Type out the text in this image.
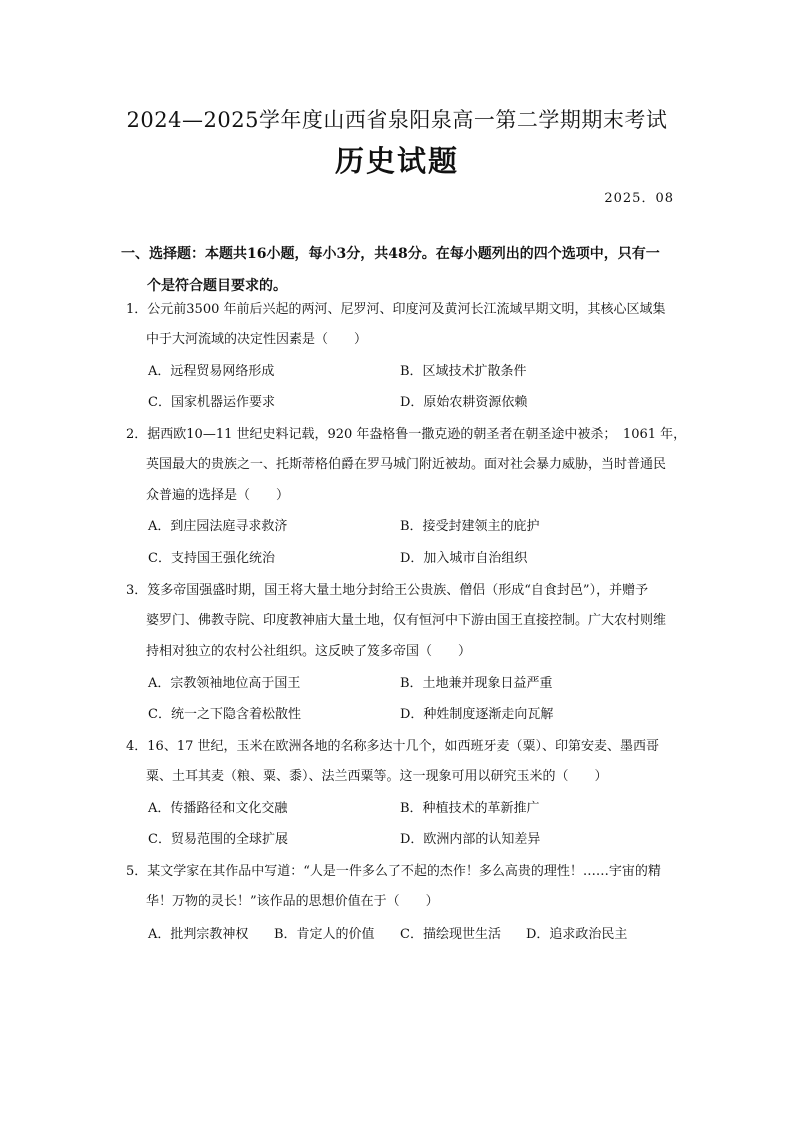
2024—2025学年度山西省泉阳泉高一第二学期期末考试
历史试题
2025．08
一、选择题：本题共16小题，每小3分，共48分。在每小题列出的四个选项中，只有一
个是符合题目要求的。
1．公元前3500 年前后兴起的两河、尼罗河、印度河及黄河长江流域早期文明，其核心区域集
中于大河流域的决定性因素是（　　）
A．远程贸易网络形成	B．区域技术扩散条件
C．国家机器运作要求	D．原始农耕资源依赖
2．据西欧10—11 世纪史料记载，920 年盎格鲁一撒克逊的朝圣者在朝圣途中被杀；　1061 年，
英国最大的贵族之一、托斯蒂格伯爵在罗马城门附近被劫。面对社会暴力威胁，当时普通民
众普遍的选择是（　　）
A．到庄园法庭寻求救济	B．接受封建领主的庇护
C．支持国王强化统治	D．加入城市自治组织
3．笈多帝国强盛时期，国王将大量土地分封给王公贵族、僧侣（形成“自食封邑”），并赠予
婆罗门、佛教寺院、印度教神庙大量土地，仅有恒河中下游由国王直接控制。广大农村则维
持相对独立的农村公社组织。这反映了笈多帝国（　　）
A．宗教领袖地位高于国王	B．土地兼并现象日益严重
C．统一之下隐含着松散性	D．种姓制度逐渐走向瓦解
4．16、17 世纪，玉米在欧洲各地的名称多达十几个，如西班牙麦（粟）、印第安麦、墨西哥
粟、土耳其麦（粮、粟、黍）、法兰西粟等。这一现象可用以研究玉米的（　　）
A．传播路径和文化交融	B．种植技术的革新推广
C．贸易范围的全球扩展	D．欧洲内部的认知差异
5．某文学家在其作品中写道：“人是一件多么了不起的杰作！多么高贵的理性！……宇宙的精
华！万物的灵长！”该作品的思想价值在于（　　）
A．批判宗教神权 B．肯定人的价值 C．描绘现世生活 D．追求政治民主
